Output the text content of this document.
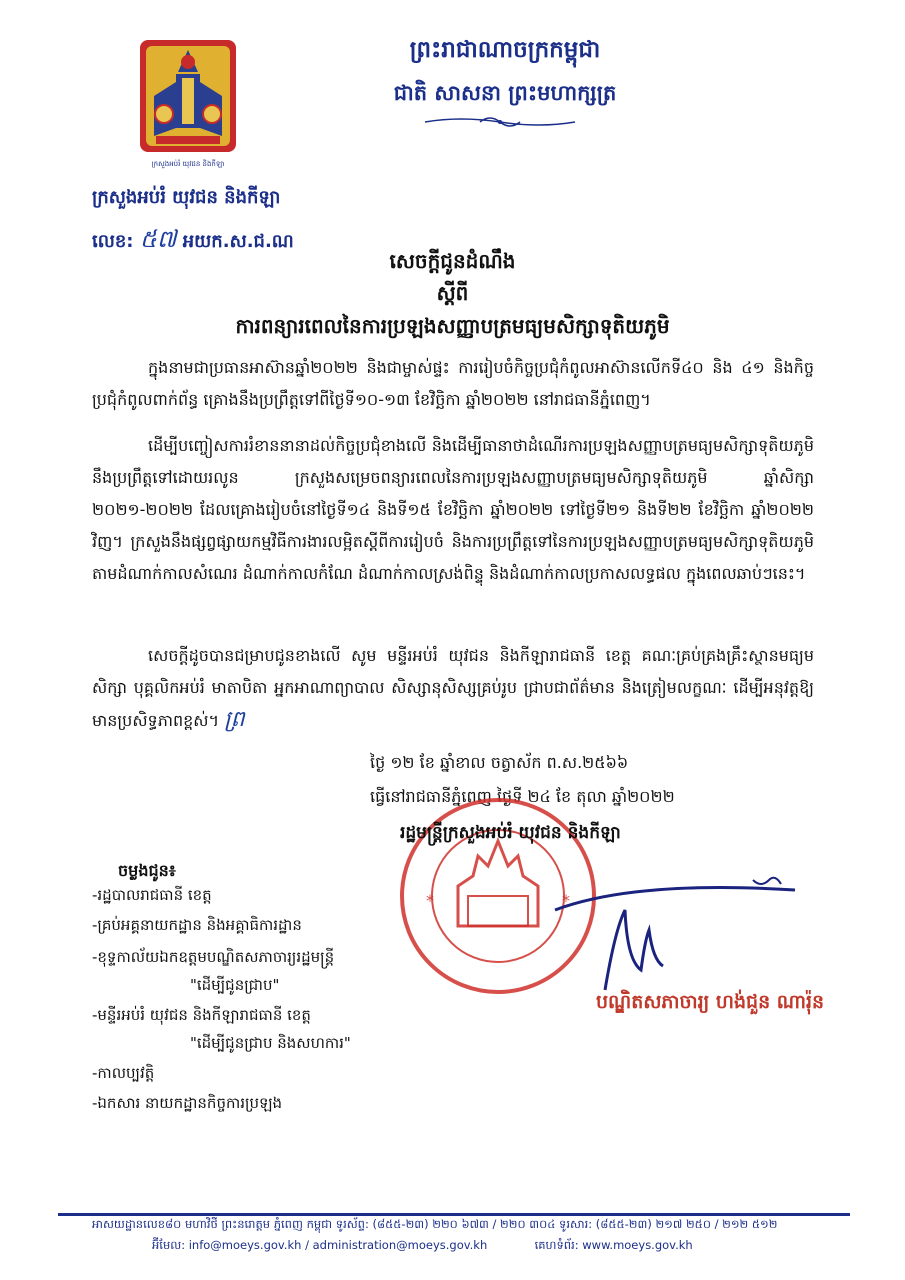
ព្រះរាជាណាចក្រកម្ពុជា
ជាតិ សាសនា ព្រះមហាក្សត្រ
ក្រសួងអប់រំ យុវជន និងកីឡា
ក្រសួងអប់រំ យុវជន និងកីឡា
លេខ: ៥៧ អយក.ស.ជ.ណ
សេចក្តីជូនដំណឹង
ស្តីពី
ការពន្យារពេលនៃការប្រឡងសញ្ញាបត្រមធ្យមសិក្សាទុតិយភូមិ
ក្នុងនាមជាប្រធានអាស៊ានឆ្នាំ២០២២ និងជាម្ចាស់ផ្ទះ ការរៀបចំកិច្ចប្រជុំកំពូលអាស៊ានលើកទី៤០ និង ៤១ និងកិច្ចប្រជុំកំពូលពាក់ព័ន្ធ គ្រោងនឹងប្រព្រឹត្តទៅពីថ្ងៃទី១០-១៣ ខែវិច្ឆិកា ឆ្នាំ២០២២ នៅរាជធានីភ្នំពេញ។
ដើម្បីបញ្ចៀសការរំខាននានាដល់កិច្ចប្រជុំខាងលើ និងដើម្បីធានាថាដំណើរការប្រឡងសញ្ញាបត្រមធ្យមសិក្សាទុតិយភូមិ នឹងប្រព្រឹត្តទៅដោយរលូន ក្រសួងសម្រេចពន្យារពេលនៃការប្រឡងសញ្ញាបត្រមធ្យមសិក្សាទុតិយភូមិ ឆ្នាំសិក្សា ២០២១-២០២២ ដែលគ្រោងរៀបចំនៅថ្ងៃទី១៤ និងទី១៥ ខែវិច្ឆិកា ឆ្នាំ២០២២ ទៅថ្ងៃទី២១ និងទី២២ ខែវិច្ឆិកា ឆ្នាំ២០២២ វិញ។ ក្រសួងនឹងផ្សព្វផ្សាយកម្មវិធីការងារលម្អិតស្តីពីការរៀបចំ និងការប្រព្រឹត្តទៅនៃការប្រឡងសញ្ញាបត្រមធ្យមសិក្សាទុតិយភូមិ តាមដំណាក់កាលសំណេរ ដំណាក់កាលកំណែ ដំណាក់កាលស្រង់ពិន្ទុ និងដំណាក់កាលប្រកាសលទ្ធផល ក្នុងពេលឆាប់ៗនេះ។
សេចក្តីដូចបានជម្រាបជូនខាងលើ សូម មន្ទីរអប់រំ យុវជន និងកីឡារាជធានី ខេត្ត គណៈគ្រប់គ្រងគ្រឹះស្ថានមធ្យមសិក្សា បុគ្គលិកអប់រំ មាតាបិតា អ្នកអាណាព្យាបាល សិស្សានុសិស្សគ្រប់រូប ជ្រាបជាព័ត៌មាន និងត្រៀមលក្ខណៈ ដើម្បីអនុវត្តឱ្យមានប្រសិទ្ធភាពខ្ពស់។ ព្រ
ថ្ងៃ ១២ ខែ ឆ្នាំខាល ចត្វាស័ក ព.ស.២៥៦៦
ធ្វើនៅរាជធានីភ្នំពេញ ថ្ងៃទី ២៤ ខែ តុលា ឆ្នាំ២០២២
*	*
រដ្ឋមន្ត្រីក្រសួងអប់រំ យុវជន និងកីឡា
បណ្ឌិតសភាចារ្យ ហង់ជួន ណារ៉ុន
ចម្លងជូន៖
-រដ្ឋបាលរាជធានី ខេត្ត
-គ្រប់អគ្គនាយកដ្ឋាន និងអគ្គាធិការដ្ឋាន
-ខុទ្ទកាល័យឯកឧត្តមបណ្ឌិតសភាចារ្យរដ្ឋមន្ត្រី
"ដើម្បីជូនជ្រាប"
-មន្ទីរអប់រំ យុវជន និងកីឡារាជធានី ខេត្ត
"ដើម្បីជូនជ្រាប និងសហការ"
-កាលប្បវត្តិ
-ឯកសារ នាយកដ្ឋានកិច្ចការប្រឡង
អាសយដ្ឋានលេខ៨០ មហាវិថី ព្រះនរោត្តម ភ្នំពេញ កម្ពុជា ទូរស័ព្ទ: (៨៥៥-២៣) ២២០ ៦៧៣ / ២២០ ៣០៤ ទូរសារ: (៨៥៥-២៣) ២១៧ ២៥០ / ២១២ ៥១២
អ៊ីមែល: info@moeys.gov.kh / administration@moeys.gov.kh	គេហទំព័រ: www.moeys.gov.kh
